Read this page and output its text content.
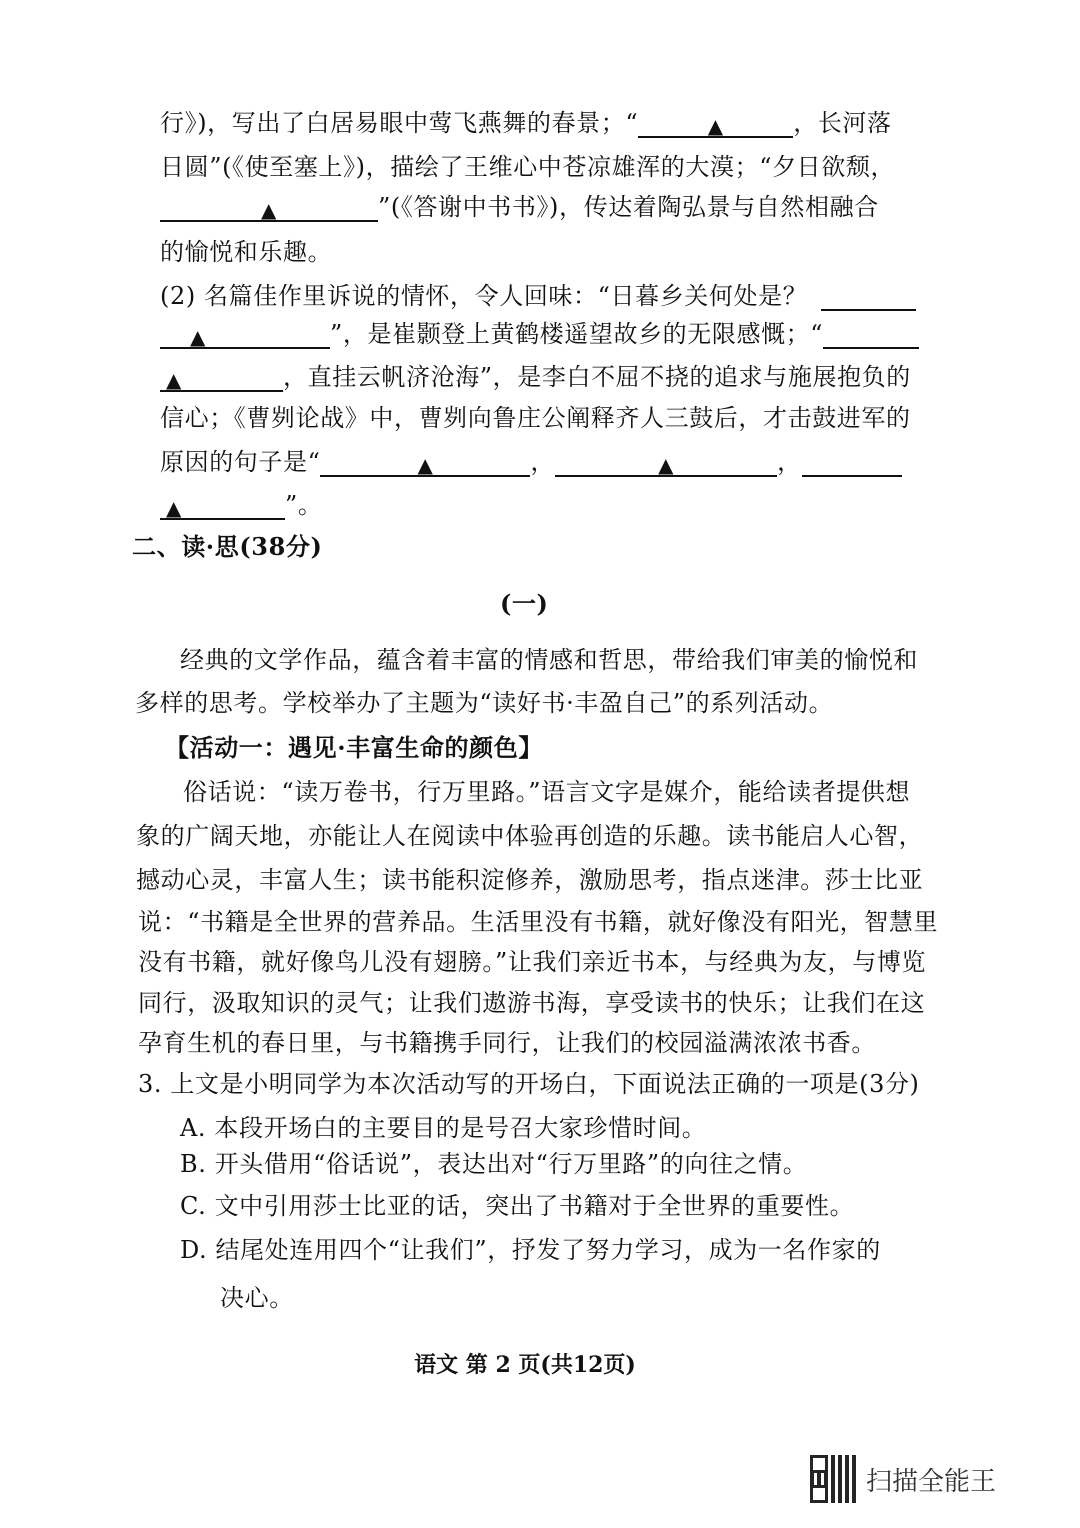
行》)，写出了白居易眼中莺飞燕舞的春景；“	▲	，长河落
日圆”(《使至塞上》)，描绘了王维心中苍凉雄浑的大漠；“夕日欲颓，
▲	”(《答谢中书书》)，传达着陶弘景与自然相融合
的愉悦和乐趣。
(2) 名篇佳作里诉说的情怀，令人回味：“日暮乡关何处是？
▲	”，是崔颢登上黄鹤楼遥望故乡的无限感慨；“
▲	，直挂云帆济沧海”，是李白不屈不挠的追求与施展抱负的
信心；《曹刿论战》中，曹刿向鲁庄公阐释齐人三鼓后，才击鼓进军的
原因的句子是“	▲	，	▲	，
▲	”。
二、读·思(38分)
(一)
经典的文学作品，蕴含着丰富的情感和哲思，带给我们审美的愉悦和
多样的思考。学校举办了主题为“读好书·丰盈自己”的系列活动。
【活动一：遇见·丰富生命的颜色】
俗话说：“读万卷书，行万里路。”语言文字是媒介，能给读者提供想
象的广阔天地，亦能让人在阅读中体验再创造的乐趣。读书能启人心智，
撼动心灵，丰富人生；读书能积淀修养，激励思考，指点迷津。莎士比亚
说：“书籍是全世界的营养品。生活里没有书籍，就好像没有阳光，智慧里
没有书籍，就好像鸟儿没有翅膀。”让我们亲近书本，与经典为友，与博览
同行，汲取知识的灵气；让我们遨游书海，享受读书的快乐；让我们在这
孕育生机的春日里，与书籍携手同行，让我们的校园溢满浓浓书香。
3. 上文是小明同学为本次活动写的开场白，下面说法正确的一项是(3分)
A. 本段开场白的主要目的是号召大家珍惜时间。
B. 开头借用“俗话说”，表达出对“行万里路”的向往之情。
C. 文中引用莎士比亚的话，突出了书籍对于全世界的重要性。
D. 结尾处连用四个“让我们”，抒发了努力学习，成为一名作家的
决心。
语文 第 2 页(共12页)
扫描全能王
